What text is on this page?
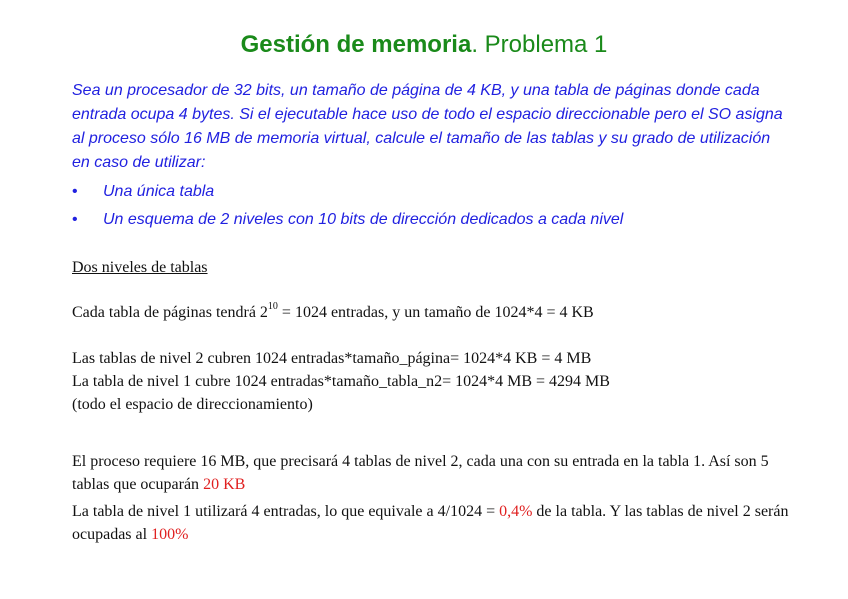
Gestión de memoria. Problema 1

Sea un procesador de 32 bits, un tamaño de página de 4 KB, y una tabla de páginas donde cada entrada ocupa 4 bytes. Si el ejecutable hace uso de todo el espacio direccionable pero el SO asigna al proceso sólo 16 MB de memoria virtual, calcule el tamaño de las tablas y su grado de utilización en caso de utilizar:

• Una única tabla
• Un esquema de 2 niveles con 10 bits de dirección dedicados a cada nivel
Dos niveles de tablas

Cada tabla de páginas tendrá $2^{10} = 1024$ entradas, y un tamaño de 1024*4 = 4 KB

Las tablas de nivel 2 cubren 1024 entradas*tamaño_página= 1024*4 KB = 4 MB

La tabla de nivel 1 cubre 1024 entradas*tamaño_tabla_n2= 1024*4 MB = 4294 MB

(todo el espacio de direccionamiento)

El proceso requiere 16 MB, que precisará 4 tablas de nivel 2, cada una con su entrada en la tabla 1. Así son 5 tablas que ocuparán 20 KB

La tabla de nivel 1 utilizará 4 entradas, lo que equivale a 4/1024 = 0,4% de la tabla. Y las tablas de nivel 2 serán ocupadas al 100%
